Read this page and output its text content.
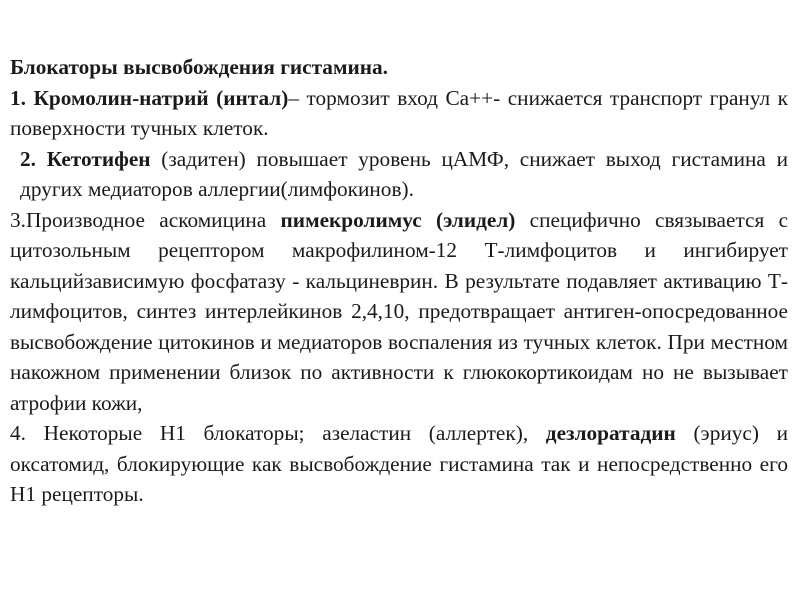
Блокаторы высвобождения гистамина.

1. Кромолин-натрий (интал)– тормозит вход Са++- снижается транспорт гранул к поверхности тучных клеток.

2. Кетотифен (задитен) повышает уровень цАМФ, снижает выход гистамина и других медиаторов аллергии(лимфокинов).

3.Производное аскомицина пимекролимус (элидел) специфично связывается с цитозольным рецептором макрофилином-12 Т-лимфоцитов и ингибирует кальцийзависимую фосфатазу - кальциневрин. В результате подавляет активацию Т-лимфоцитов, синтез интерлейкинов 2,4,10, предотвращает антиген-опосредованное высвобождение цитокинов и медиаторов воспаления из тучных клеток. При местном накожном применении близок по активности к глюкокортикоидам но не вызывает атрофии кожи,

4. Некоторые Н1 блокаторы; азеластин (аллертек), дезлоратадин (эриус) и оксатомид, блокирующие как высвобождение гистамина так и непосредственно его Н1 рецепторы.
